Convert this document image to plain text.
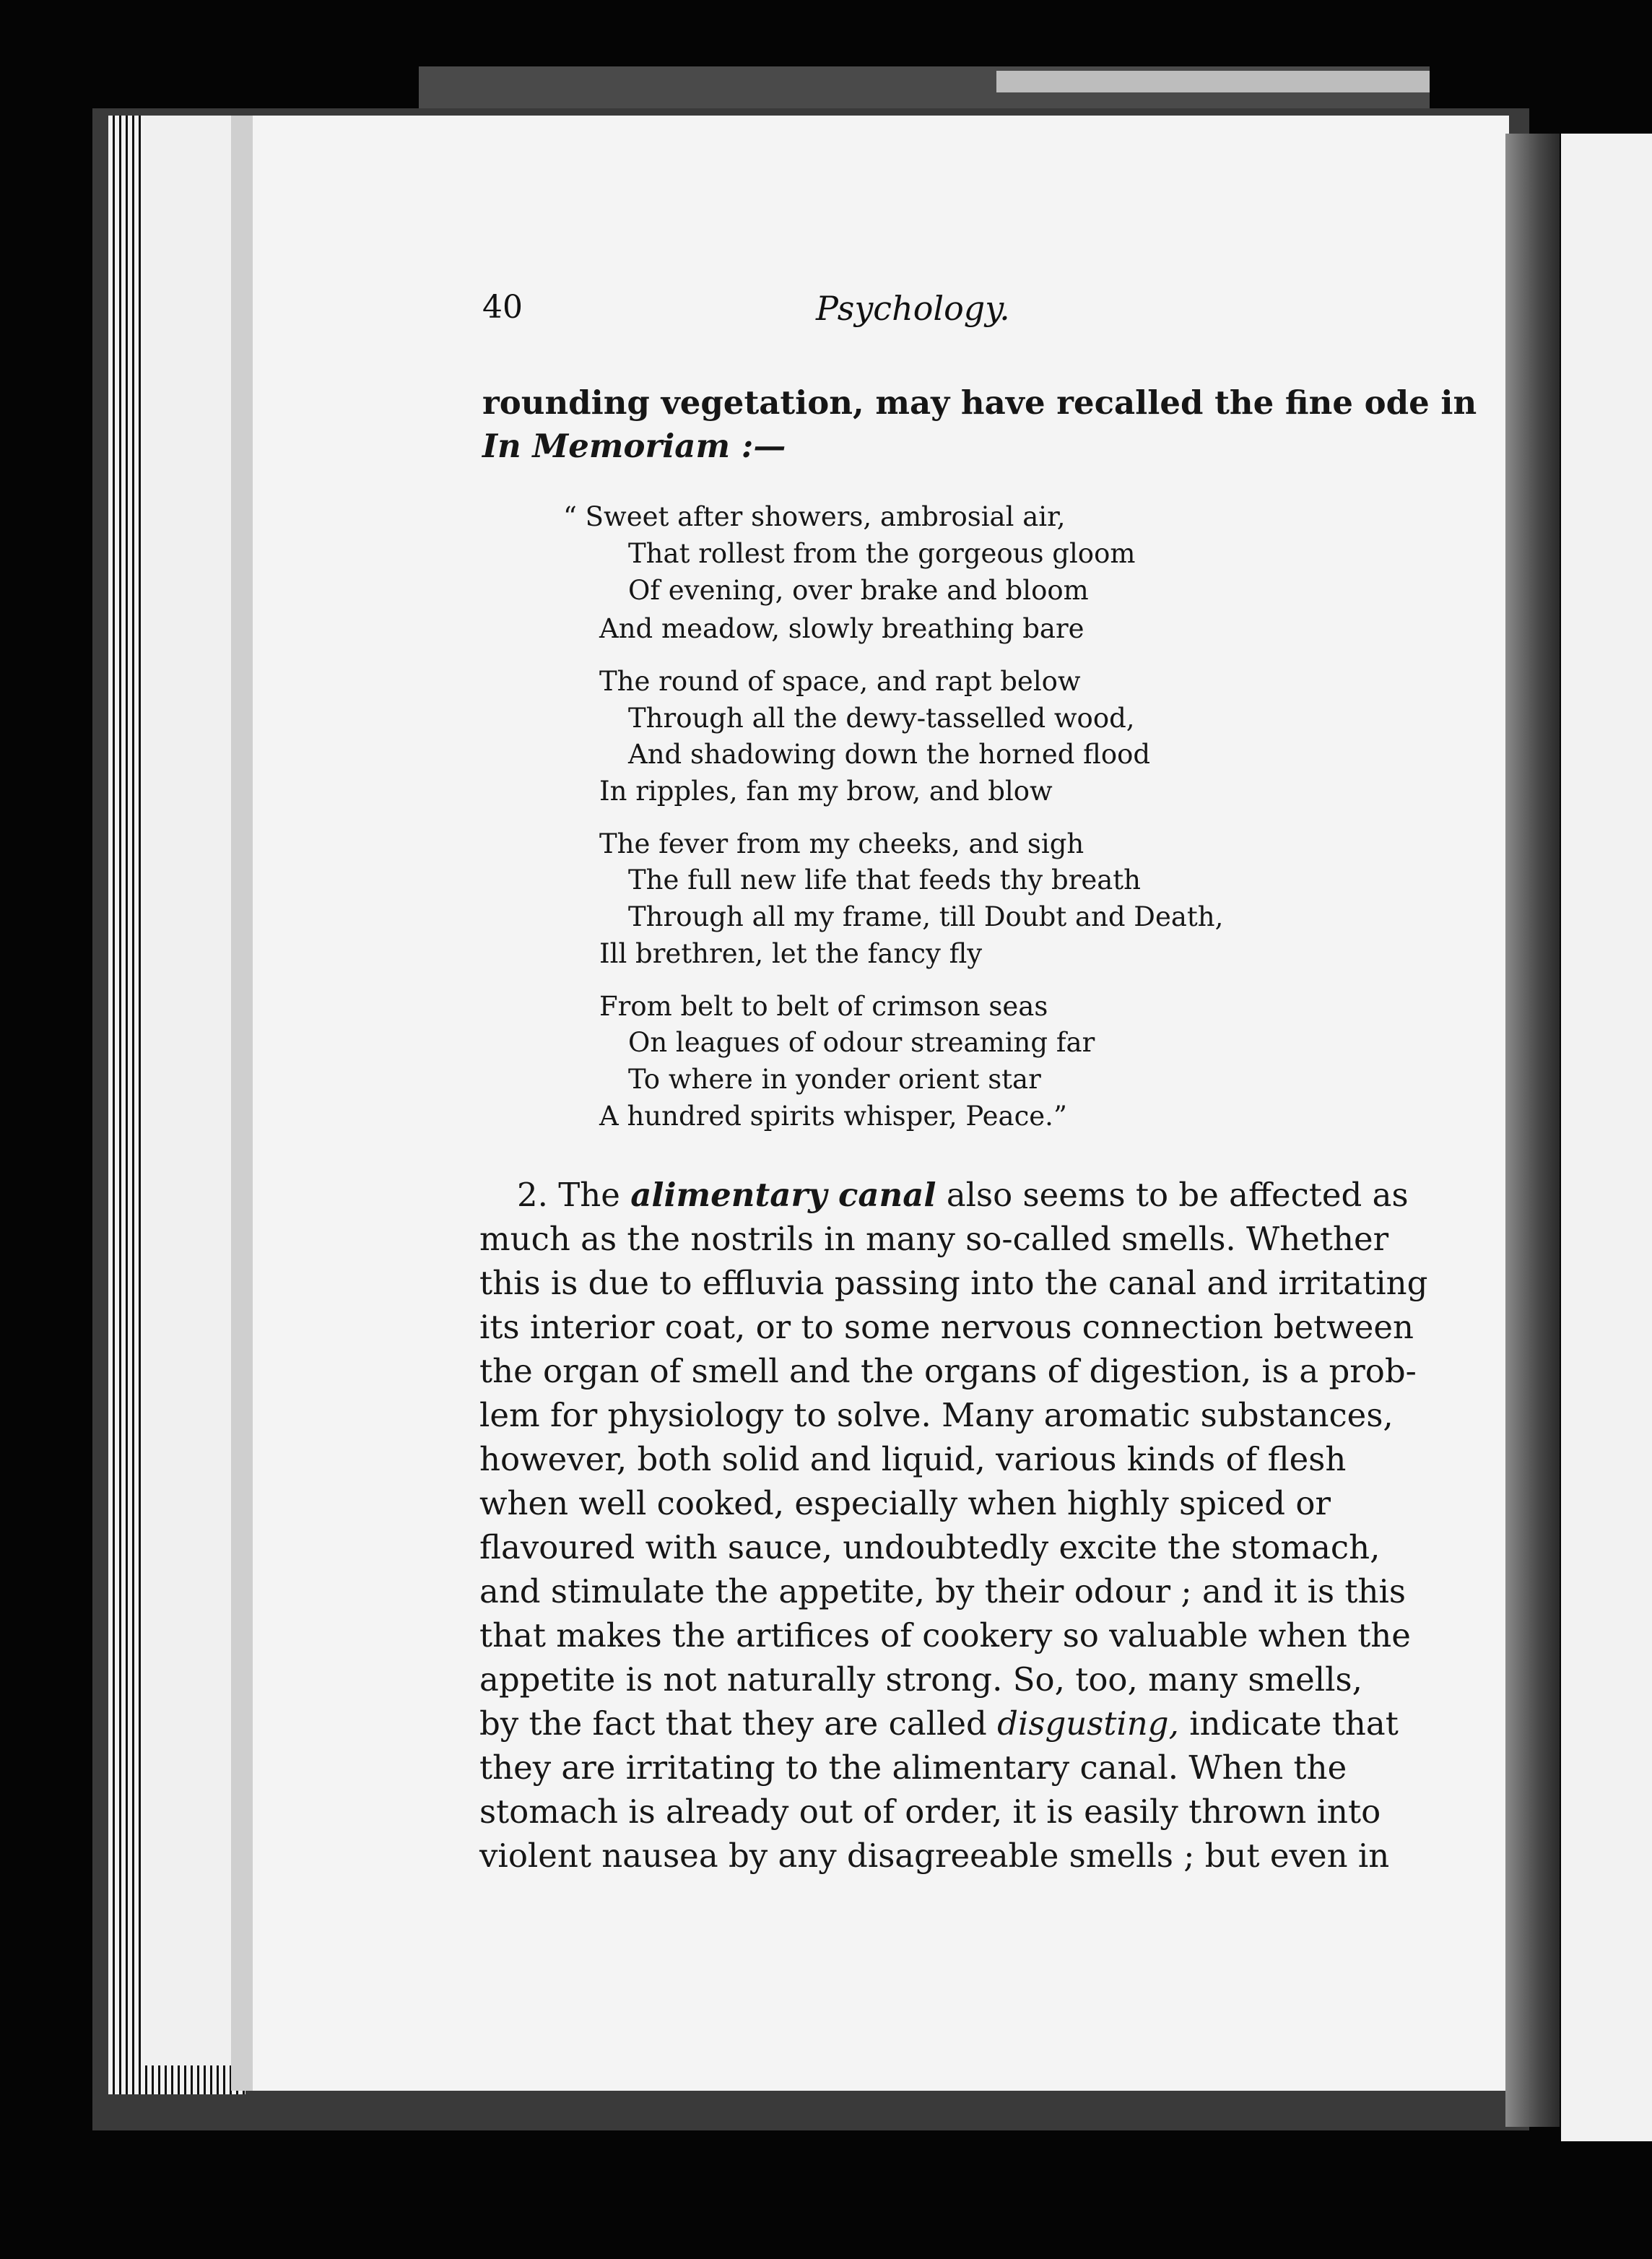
40	Psychology.
rounding vegetation, may have recalled the fine ode in
In Memoriam :—
“ Sweet after showers, ambrosial air,
That rollest from the gorgeous gloom
Of evening, over brake and bloom
And meadow, slowly breathing bare
The round of space, and rapt below
Through all the dewy-tasselled wood,
And shadowing down the horned flood
In ripples, fan my brow, and blow
The fever from my cheeks, and sigh
The full new life that feeds thy breath
Through all my frame, till Doubt and Death,
Ill brethren, let the fancy fly
From belt to belt of crimson seas
On leagues of odour streaming far
To where in yonder orient star
A hundred spirits whisper, Peace.”
2. The alimentary canal also seems to be affected as
much as the nostrils in many so-called smells. Whether
this is due to effluvia passing into the canal and irritating
its interior coat, or to some nervous connection between
the organ of smell and the organs of digestion, is a prob-
lem for physiology to solve. Many aromatic substances,
however, both solid and liquid, various kinds of flesh
when well cooked, especially when highly spiced or
flavoured with sauce, undoubtedly excite the stomach,
and stimulate the appetite, by their odour ; and it is this
that makes the artifices of cookery so valuable when the
appetite is not naturally strong. So, too, many smells,
by the fact that they are called disgusting, indicate that
they are irritating to the alimentary canal. When the
stomach is already out of order, it is easily thrown into
violent nausea by any disagreeable smells ; but even in
